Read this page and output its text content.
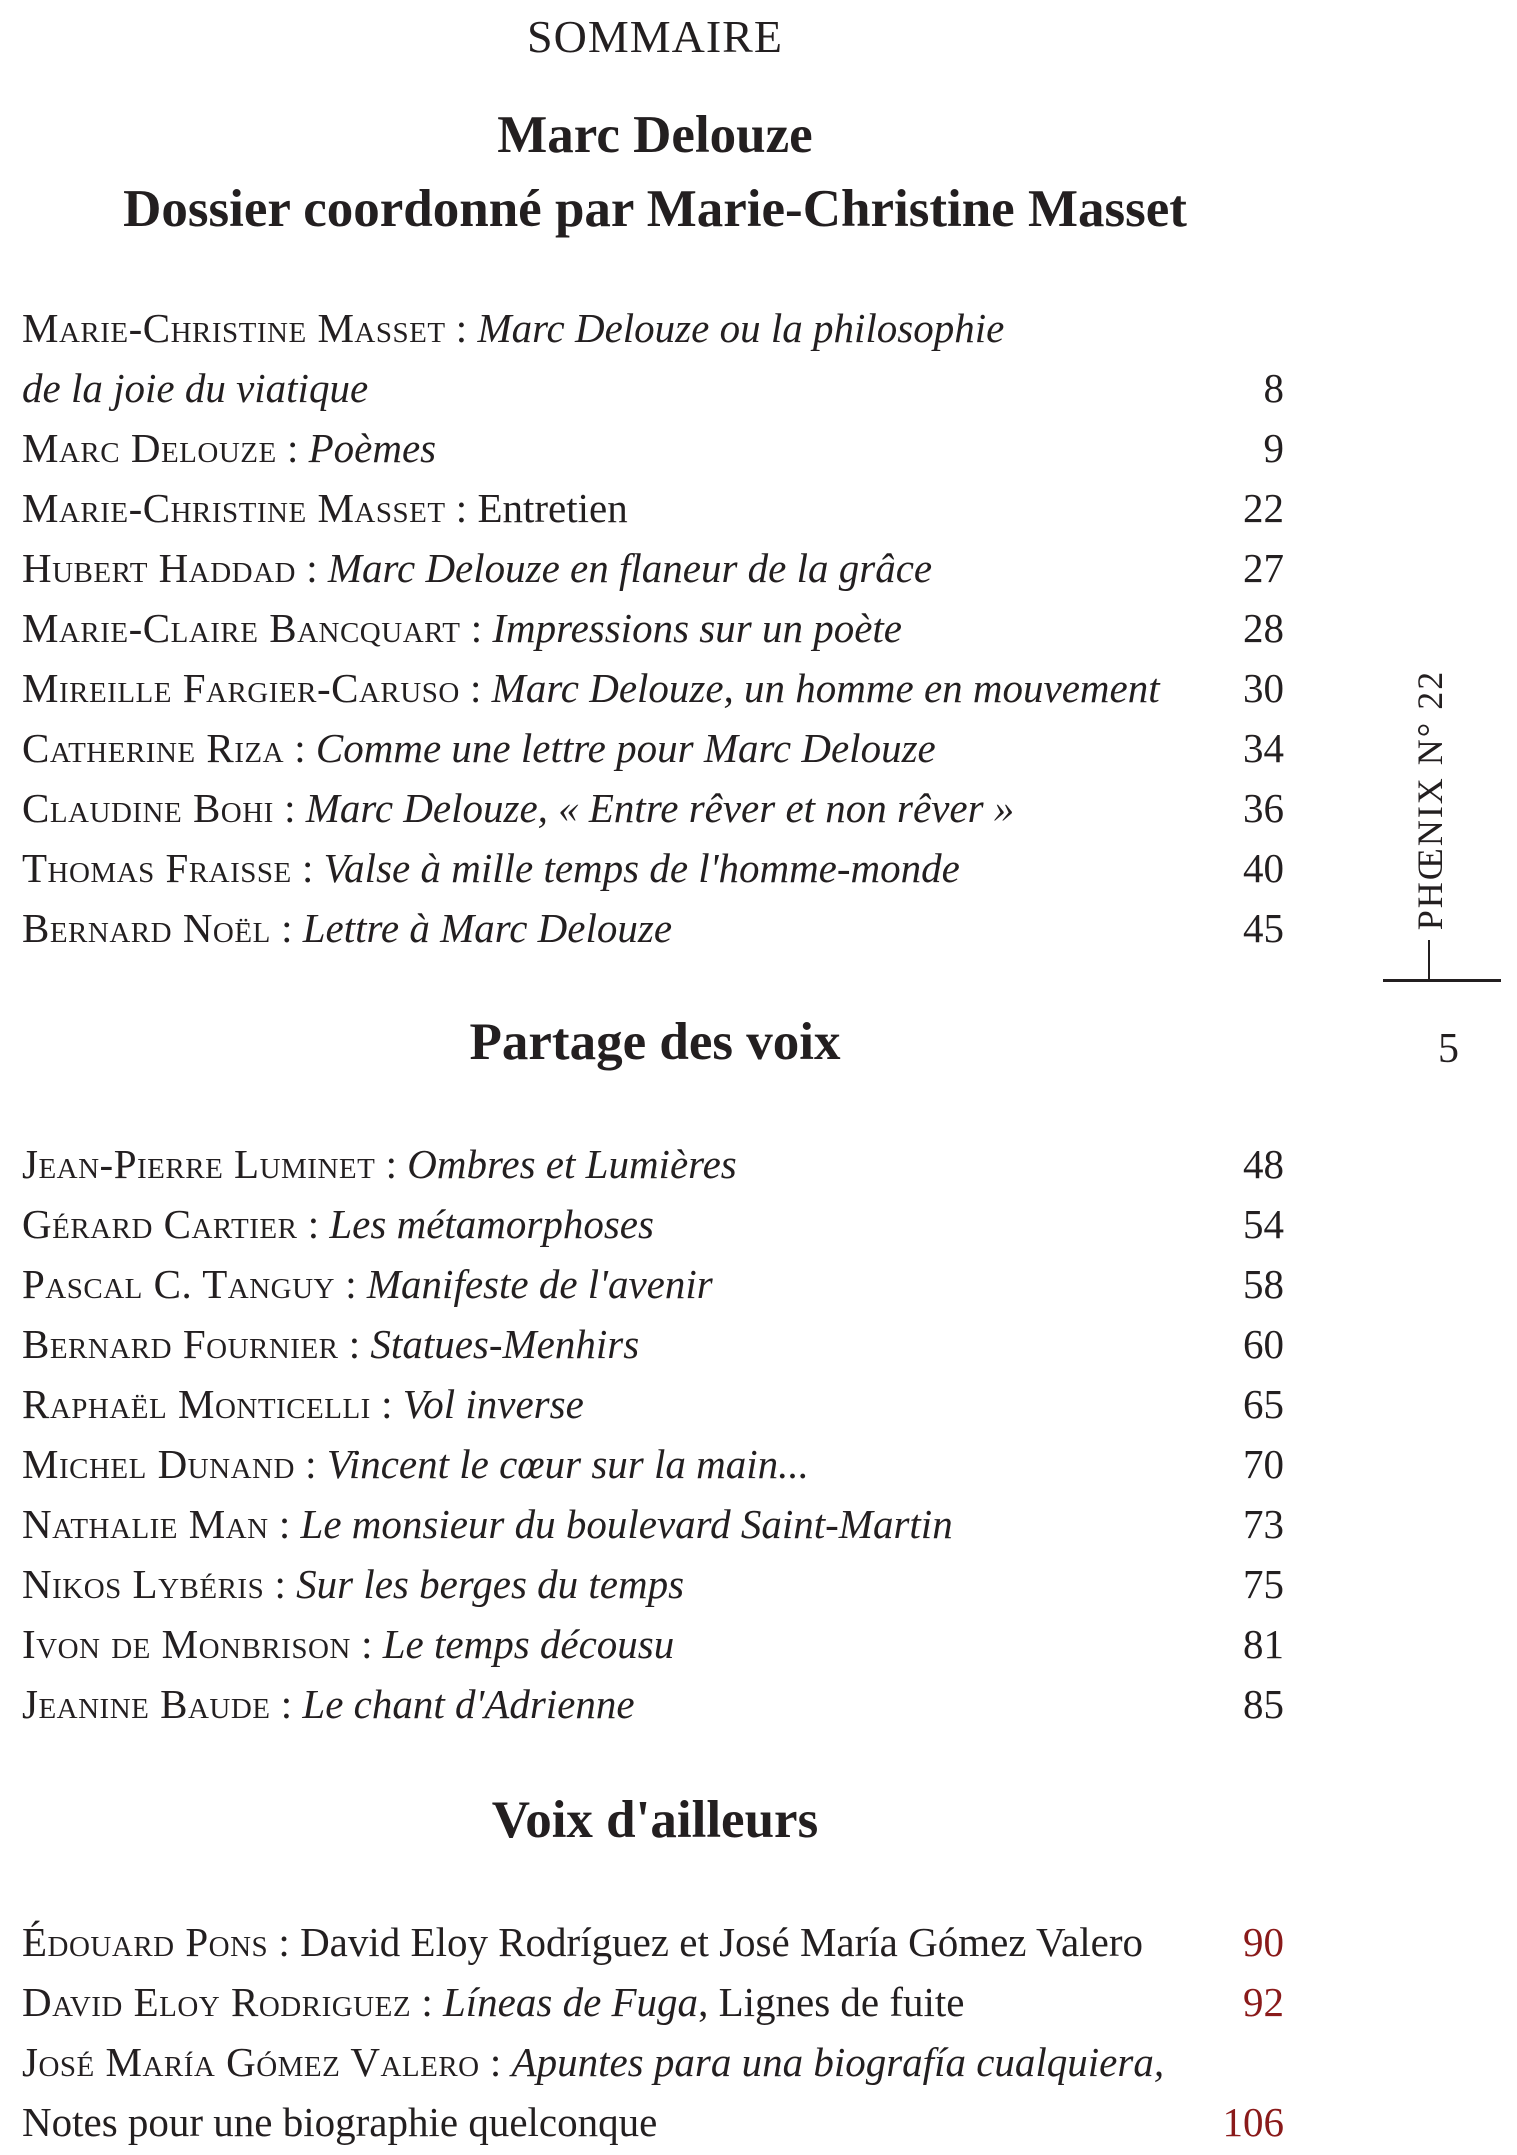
SOMMAIRE
Marc Delouze
Dossier coordonné par Marie-Christine Masset
Marie-Christine Masset : Marc Delouze ou la philosophie
de la joie du viatique	8
Marc Delouze : Poèmes	9
Marie-Christine Masset : Entretien	22
Hubert Haddad : Marc Delouze en flaneur de la grâce	27
Marie-Claire Bancquart : Impressions sur un poète	28
Mireille Fargier-Caruso : Marc Delouze, un homme en mouvement 30
Catherine Riza : Comme une lettre pour Marc Delouze	34
Claudine Bohi : Marc Delouze, « Entre rêver et non rêver »	36
Thomas Fraisse : Valse à mille temps de l'homme-monde	40
Bernard Noël : Lettre à Marc Delouze	45
Partage des voix
Jean-Pierre Luminet : Ombres et Lumières	48
Gérard Cartier : Les métamorphoses	54
Pascal C. Tanguy : Manifeste de l'avenir	58
Bernard Fournier : Statues-Menhirs	60
Raphaël Monticelli : Vol inverse	65
Michel Dunand : Vincent le cœur sur la main...	70
Nathalie Man : Le monsieur du boulevard Saint-Martin	73
Nikos Lybéris : Sur les berges du temps	75
Ivon de Monbrison : Le temps décousu	81
Jeanine Baude : Le chant d'Adrienne	85
Voix d'ailleurs
Édouard Pons : David Eloy Rodríguez et José María Gómez Valero 90
David Eloy Rodriguez : Líneas de Fuga, Lignes de fuite	92
José María Gómez Valero : Apuntes para una biografía cualquiera,
Notes pour une biographie quelconque	106
PHŒNIX N° 22
5
